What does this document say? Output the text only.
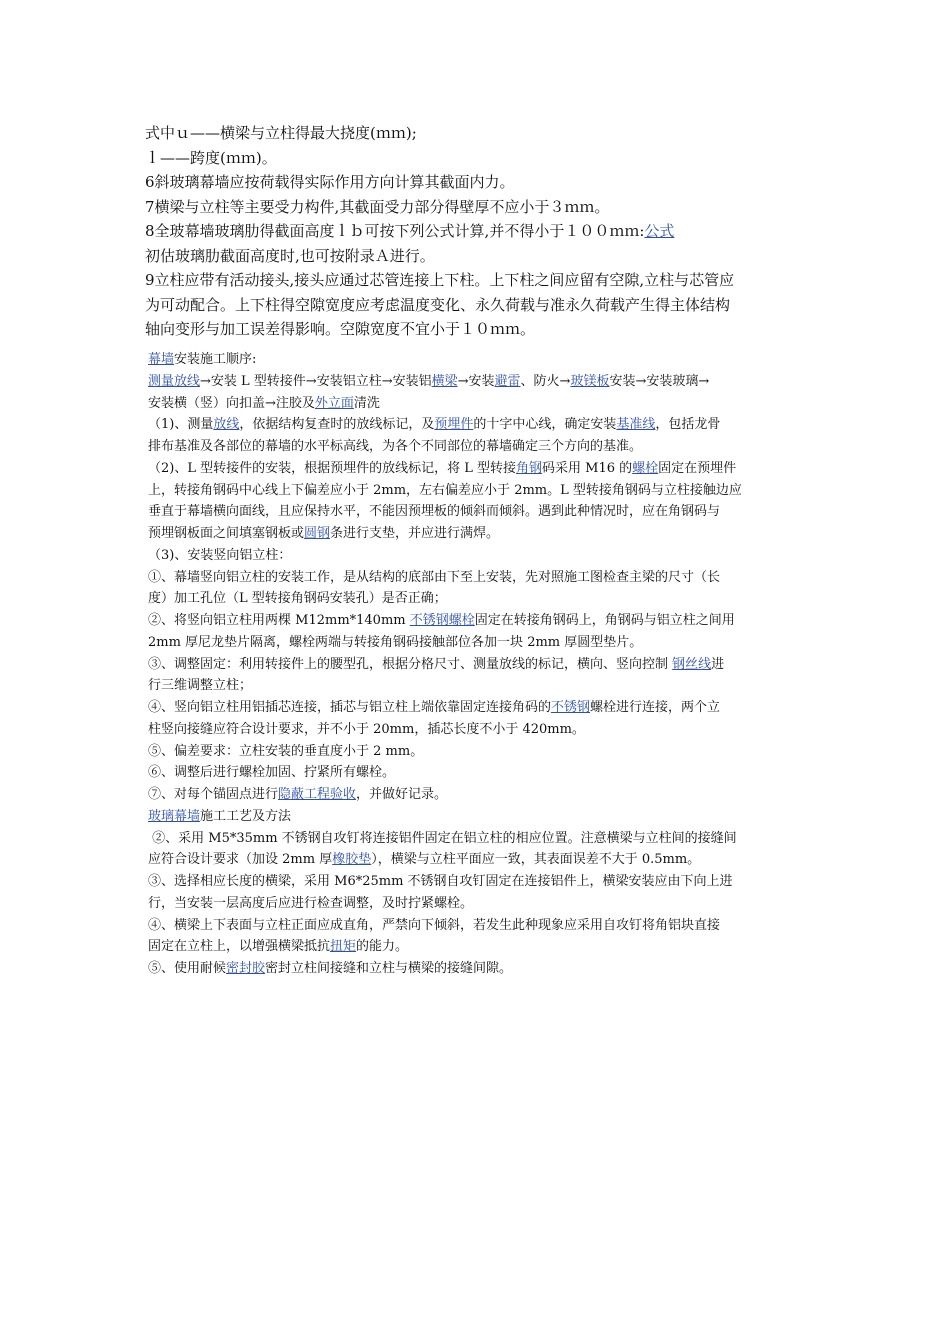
式中ｕ——横梁与立柱得最大挠度(ｍｍ);
ｌ——跨度(ｍｍ)。
6斜玻璃幕墙应按荷载得实际作用方向计算其截面内力。
7横梁与立柱等主要受力构件,其截面受力部分得壁厚不应小于３ｍｍ。
8全玻幕墙玻璃肋得截面高度ｌｂ可按下列公式计算,并不得小于１００ｍｍ:公式
初估玻璃肋截面高度时,也可按附录Ａ进行。
9立柱应带有活动接头,接头应通过芯管连接上下柱。上下柱之间应留有空隙,立柱与芯管应
为可动配合。上下柱得空隙宽度应考虑温度变化、永久荷载与准永久荷载产生得主体结构
轴向变形与加工误差得影响。空隙宽度不宜小于１０ｍｍ。
幕墙安装施工顺序:
测量放线→安装 L 型转接件→安装铝立柱→安装铝横梁→安装避雷、防火→玻镁板安装→安装玻璃→
安装横（竖）向扣盖→注胶及外立面清洗
（1)、测量放线，依据结构复查时的放线标记，及预埋件的十字中心线，确定安装基准线，包括龙骨
排布基准及各部位的幕墙的水平标高线，为各个不同部位的幕墙确定三个方向的基准。
（2)、L 型转接件的安装，根据预埋件的放线标记，将 L 型转接角钢码采用 M16 的螺栓固定在预埋件
上，转接角钢码中心线上下偏差应小于 2mm，左右偏差应小于 2mm。L 型转接角钢码与立柱接触边应
垂直于幕墙横向面线，且应保持水平，不能因预埋板的倾斜而倾斜。遇到此种情况时，应在角钢码与
预埋钢板面之间填塞钢板或圆钢条进行支垫，并应进行满焊。
（3)、安装竖向铝立柱：
①、幕墙竖向铝立柱的安装工作，是从结构的底部由下至上安装，先对照施工图检查主梁的尺寸（长
度）加工孔位（L 型转接角钢码安装孔）是否正确；
②、将竖向铝立柱用两棵 M12mm*140mm 不锈钢螺栓固定在转接角钢码上，角钢码与铝立柱之间用
2mm 厚尼龙垫片隔离，螺栓两端与转接角钢码接触部位各加一块 2mm 厚圆型垫片。
③、调整固定：利用转接件上的腰型孔，根据分格尺寸、测量放线的标记，横向、竖向控制 钢丝线进
行三维调整立柱；
④、竖向铝立柱用铝插芯连接，插芯与铝立柱上端依靠固定连接角码的不锈钢螺栓进行连接，两个立
柱竖向接缝应符合设计要求，并不小于 20mm，插芯长度不小于 420mm。
⑤、偏差要求：立柱安装的垂直度小于 2 mm。
⑥、调整后进行螺栓加固、拧紧所有螺栓。
⑦、对每个锚固点进行隐蔽工程验收，并做好记录。
玻璃幕墙施工工艺及方法
②、采用 M5*35mm 不锈钢自攻钉将连接铝件固定在铝立柱的相应位置。注意横梁与立柱间的接缝间
应符合设计要求（加设 2mm 厚橡胶垫），横梁与立柱平面应一致，其表面误差不大于 0.5mm。
③、选择相应长度的横梁，采用 M6*25mm 不锈钢自攻钉固定在连接铝件上，横梁安装应由下向上进
行，当安装一层高度后应进行检查调整，及时拧紧螺栓。
④、横梁上下表面与立柱正面应成直角，严禁向下倾斜，若发生此种现象应采用自攻钉将角铝块直接
固定在立柱上，以增强横梁抵抗扭矩的能力。
⑤、使用耐候密封胶密封立柱间接缝和立柱与横梁的接缝间隙。
